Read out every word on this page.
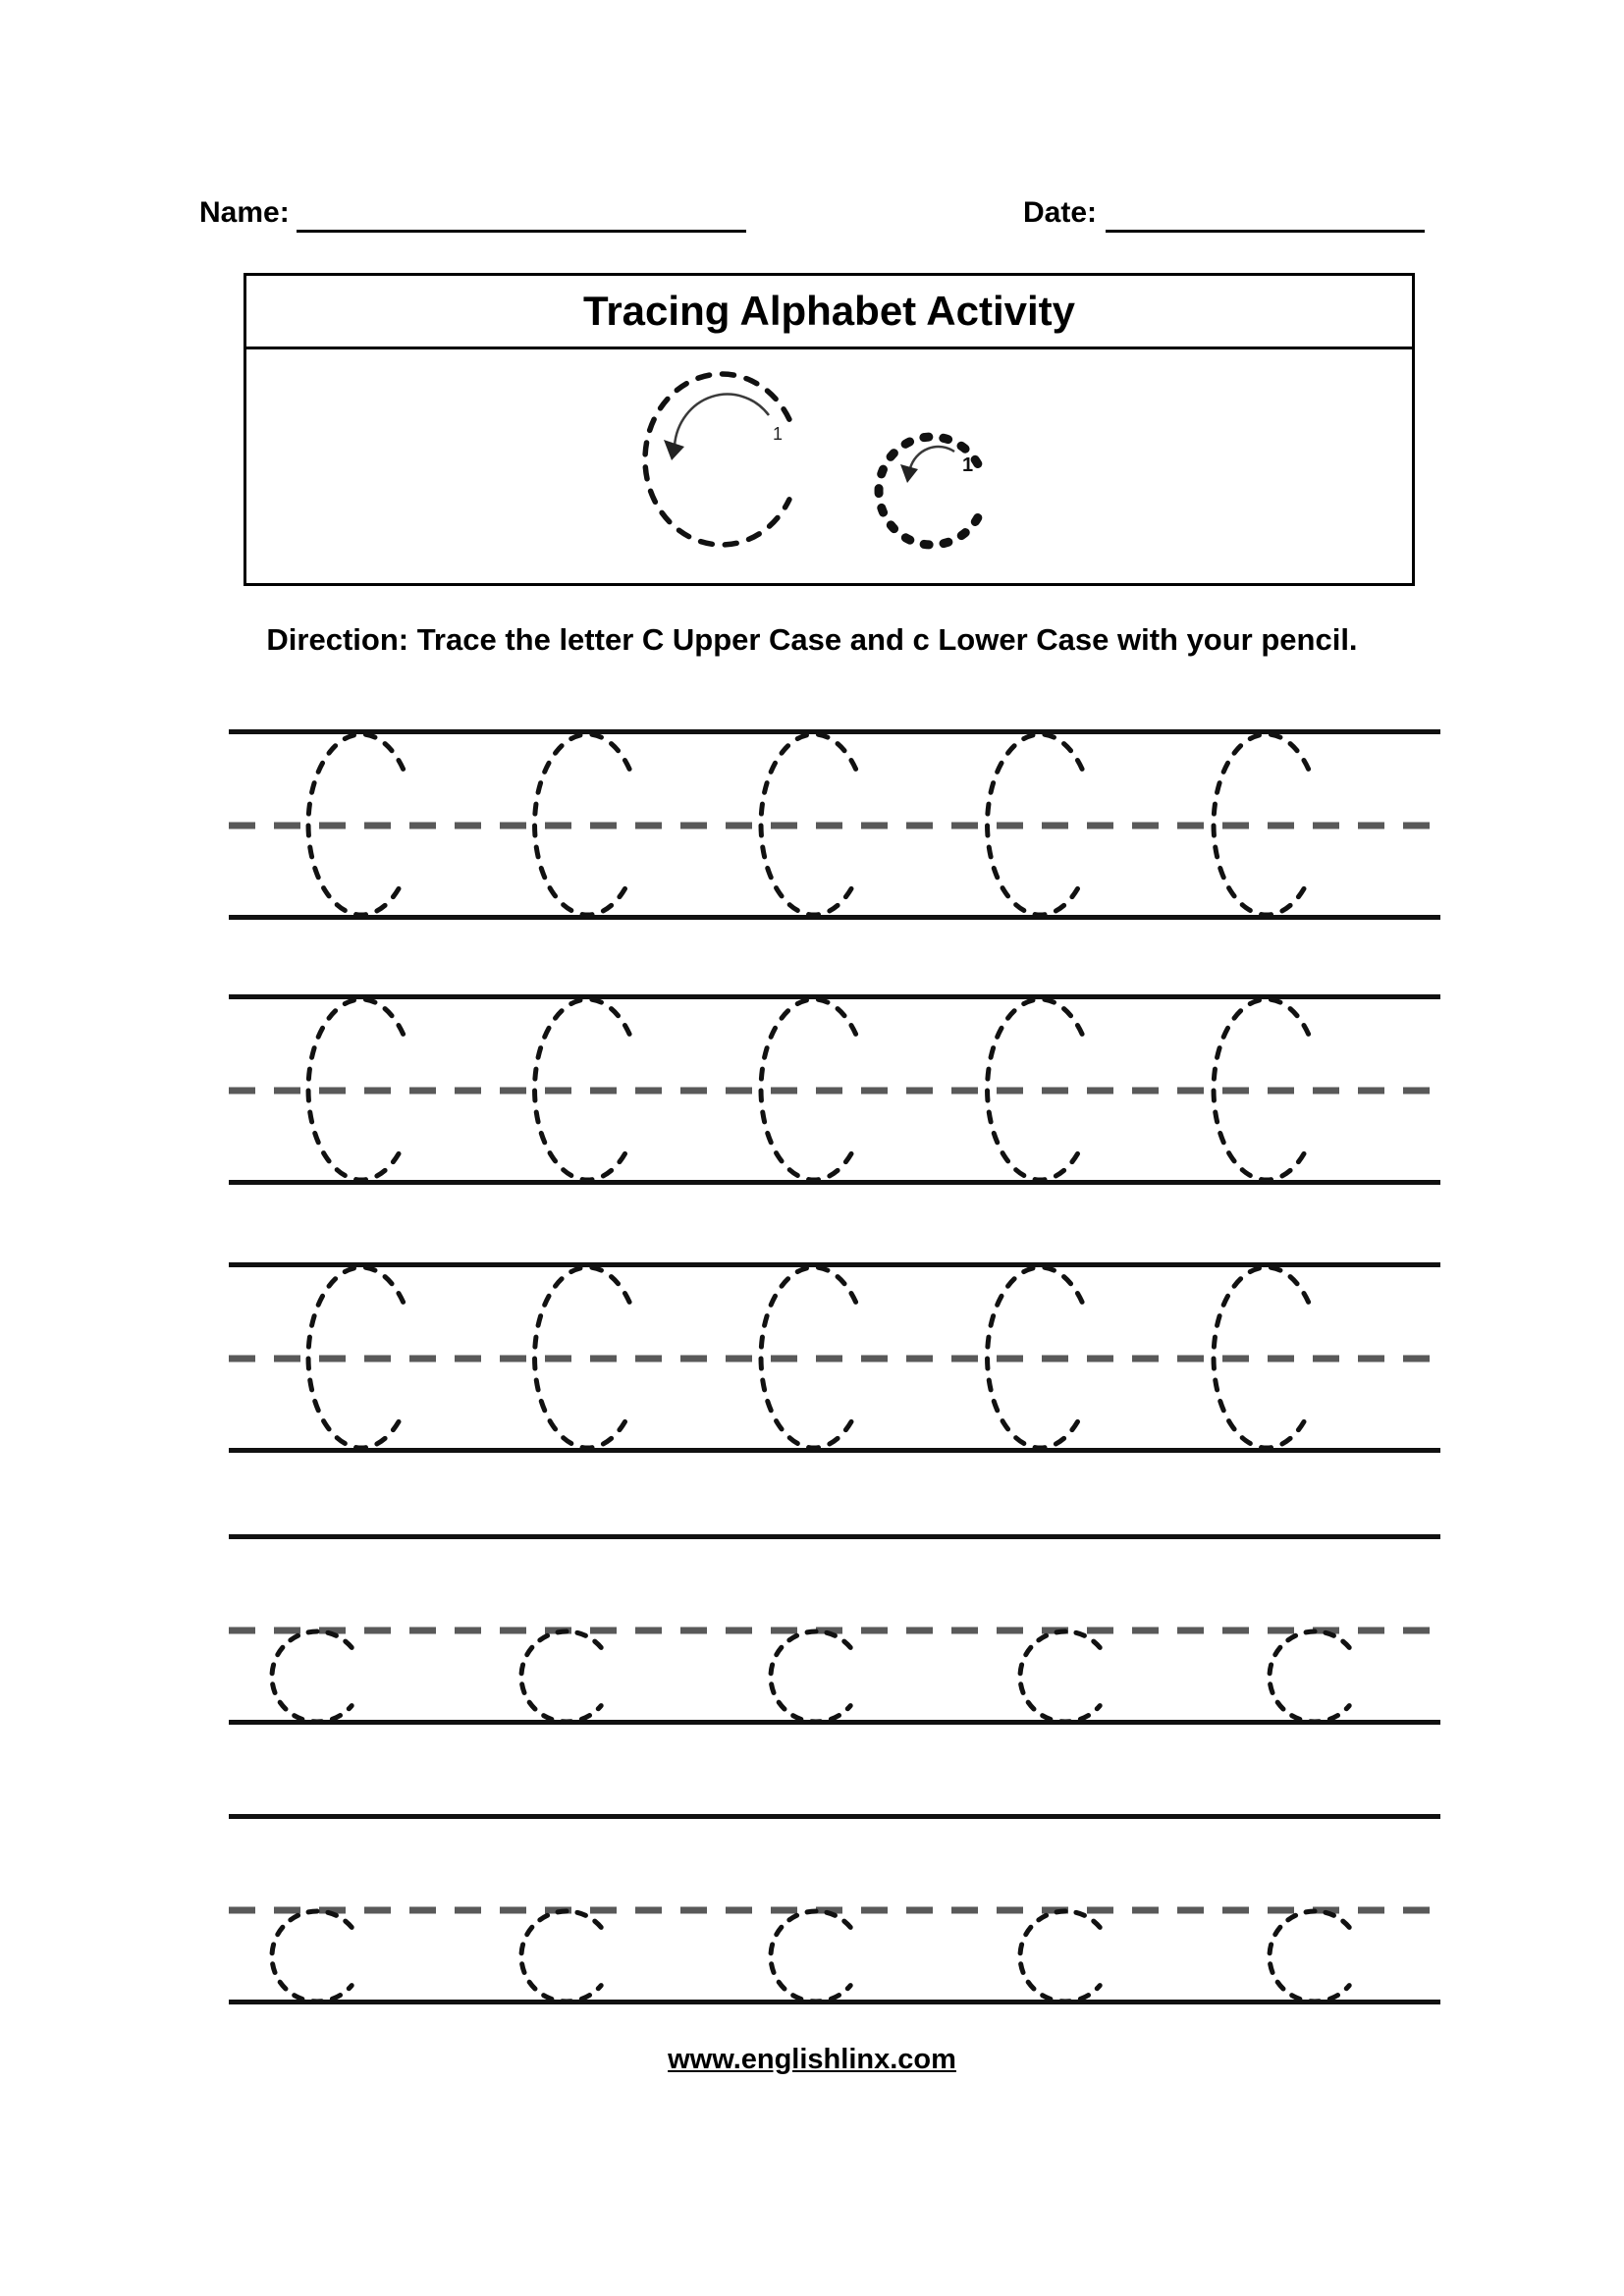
Name:	Date:
Tracing Alphabet Activity
1
1
Direction: Trace the letter C Upper Case and c Lower Case with your pencil.
www.englishlinx.com
